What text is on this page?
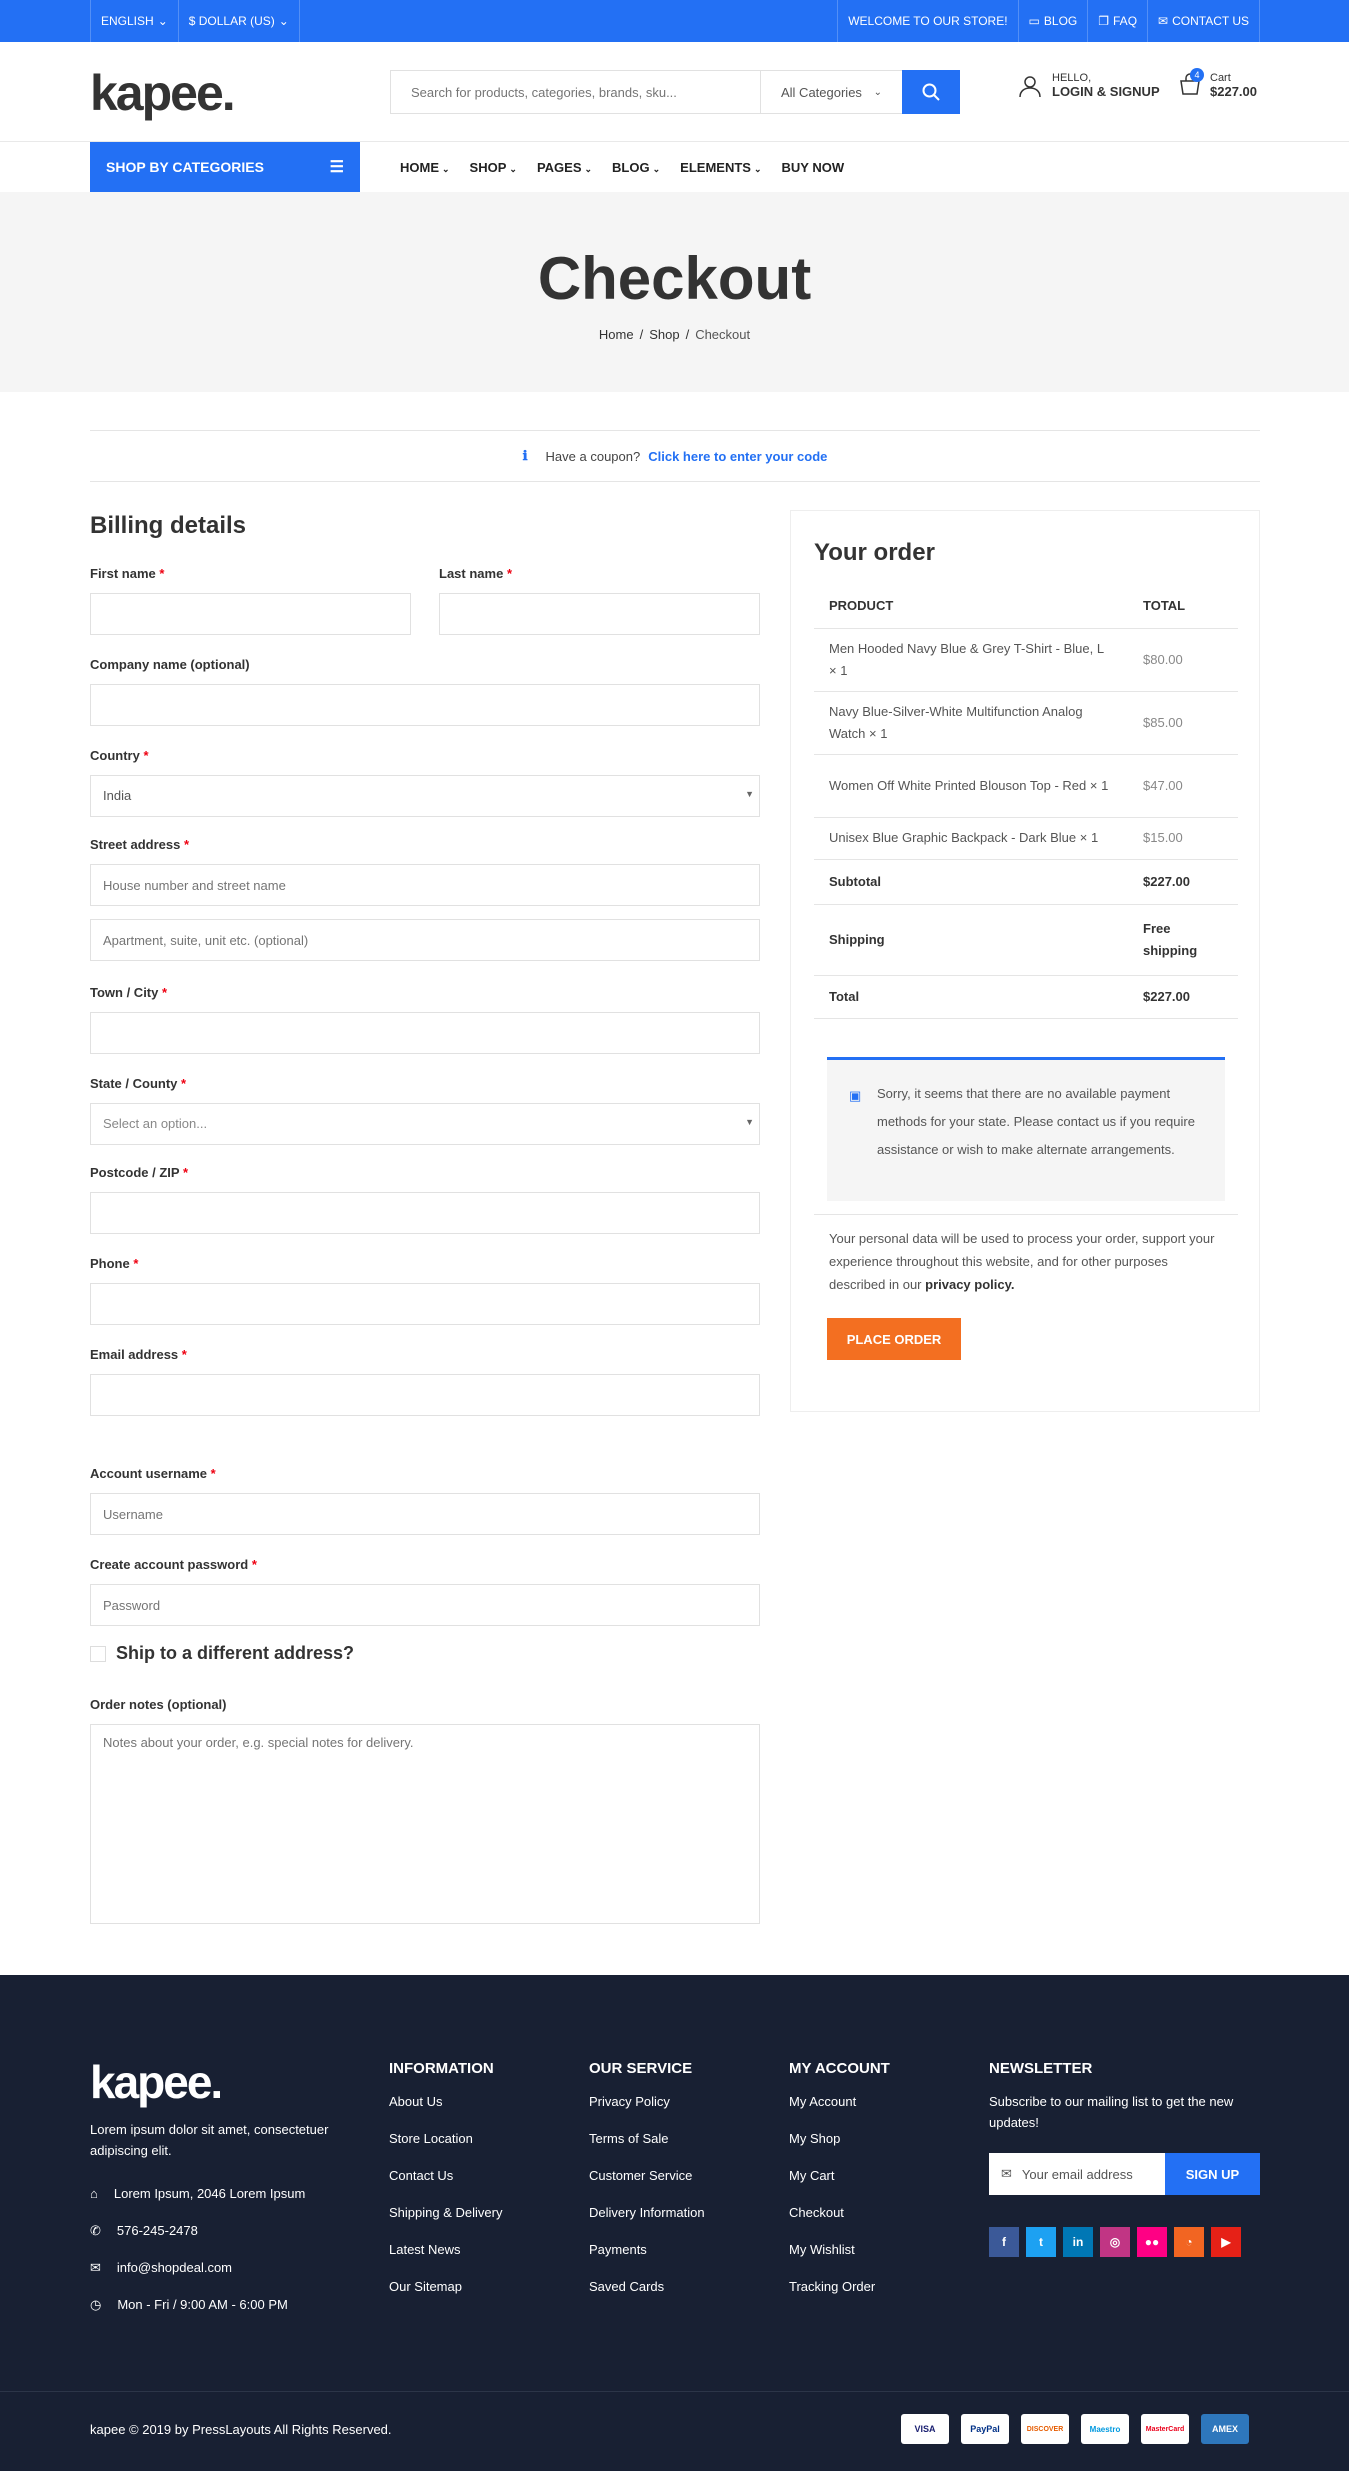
ENGLISH ⌄ $ DOLLAR (US) ⌄	WELCOME TO OUR STORE!	▭ BLOG ❐ FAQ ✉ CONTACT US
kapee.
Search for products, categories, brands, sku...	All Categories ⌄
HELLO,
LOGIN & SIGNUP
4 Cart
$227.00
SHOP BY CATEGORIES	☰	HOME ⌄ SHOP ⌄ PAGES ⌄ BLOG ⌄ ELEMENTS ⌄ BUY NOW
Checkout
Home / Shop / Checkout
ℹ Have a coupon? Click here to enter your code
Billing details
First name *	Last name *
Company name (optional)
Country *
India	▼
Street address *
House number and street name
Apartment, suite, unit etc. (optional)
Town / City *
State / County *
Select an option...	▼
Postcode / ZIP *
Phone *
Email address *
Account username *
Username
Create account password *
Password
Ship to a different address?
Order notes (optional)
Notes about your order, e.g. special notes for delivery.
Your order
PRODUCT	TOTAL
Men Hooded Navy Blue & Grey T-Shirt - Blue, L × 1	$80.00
Navy Blue-Silver-White Multifunction Analog Watch × 1	$85.00
Women Off White Printed Blouson Top - Red × 1	$47.00
Unisex Blue Graphic Backpack - Dark Blue × 1	$15.00
Subtotal	$227.00
Shipping	Free shipping
Total	$227.00
▣ Sorry, it seems that there are no available payment methods for your state. Please contact us if you require assistance or wish to make alternate arrangements.
Your personal data will be used to process your order, support your experience throughout this website, and for other purposes described in our privacy policy.
PLACE ORDER
kapee.
Lorem ipsum dolor sit amet, consectetuer adipiscing elit.
⌂ Lorem Ipsum, 2046 Lorem Ipsum
✆ 576-245-2478
✉ info@shopdeal.com
◷ Mon - Fri / 9:00 AM - 6:00 PM
INFORMATION
About Us
Store Location
Contact Us
Shipping & Delivery
Latest News
Our Sitemap
OUR SERVICE
Privacy Policy
Terms of Sale
Customer Service
Delivery Information
Payments
Saved Cards
MY ACCOUNT
My Account
My Shop
My Cart
Checkout
My Wishlist
Tracking Order
NEWSLETTER

Subscribe to our mailing list to get the new updates!

✉ Your email address	SIGN UP
f	t	in	◎	●●	◔	▶
kapee © 2019 by PressLayouts All Rights Reserved.	VISA	PayPal	DISCOVER	Maestro	MasterCard	AMEX
